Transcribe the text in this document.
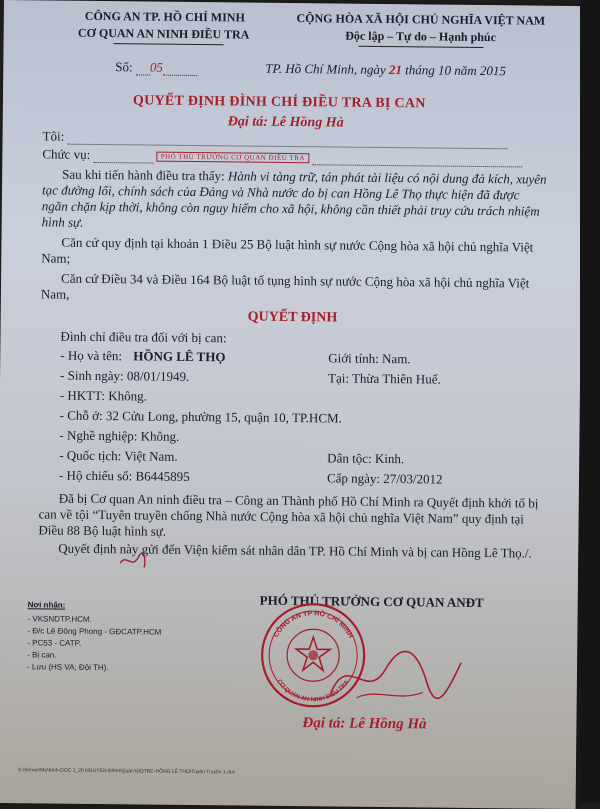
CÔNG AN TP. HỒ CHÍ MINH
CƠ QUAN AN NINH ĐIỀU TRA
CỘNG HÒA XÃ HỘI CHỦ NGHĨA VIỆT NAM
Độc lập – Tự do – Hạnh phúc
Số: 05	TP. Hồ Chí Minh, ngày 21 tháng 10 năm 2015
QUYẾT ĐỊNH ĐÌNH CHỈ ĐIỀU TRA BỊ CAN
Đại tá: Lê Hồng Hà
Tôi:
Chức vụ:	PHÓ THỦ TRƯỞNG CƠ QUAN ĐIỀU TRA
Sau khi tiến hành điều tra thấy: Hành vi tàng trữ, tán phát tài liệu có nội dung đả kích, xuyên tạc đường lối, chính sách của Đảng và Nhà nước do bị can Hồng Lê Thọ thực hiện đã được ngăn chặn kịp thời, không còn nguy hiểm cho xã hội, không cần thiết phải truy cứu trách nhiệm hình sự.
Căn cứ quy định tại khoản 1 Điều 25 Bộ luật hình sự nước Cộng hòa xã hội chủ nghĩa Việt Nam;
Căn cứ Điều 34 và Điều 164 Bộ luật tố tụng hình sự nước Cộng hòa xã hội chủ nghĩa Việt Nam,
QUYẾT ĐỊNH
Đình chỉ điều tra đối với bị can:
- Họ và tên: HỒNG LÊ THỌ	Giới tính: Nam.
- Sinh ngày: 08/01/1949.	Tại: Thừa Thiên Huế.
- HKTT: Không.
- Chỗ ở: 32 Cửu Long, phường 15, quận 10, TP.HCM.
- Nghề nghiệp: Không.
- Quốc tịch: Việt Nam.	Dân tộc: Kinh.
- Hộ chiếu số: B6445895	Cấp ngày: 27/03/2012
Đã bị Cơ quan An ninh điều tra – Công an Thành phố Hồ Chí Minh ra Quyết định khởi tố bị can về tội “Tuyên truyền chống Nhà nước Cộng hòa xã hội chủ nghĩa Việt Nam” quy định tại Điều 88 Bộ luật hình sự.
Quyết định này gửi đến Viện kiểm sát nhân dân TP. Hồ Chí Minh và bị can Hồng Lê Thọ./.
Nơi nhận:
- VKSNDTP.HCM.
- Đ/c Lê Đông Phong - GĐCATP.HCM
- PC53 - CATP.
- Bị can.
- Lưu (HS VA; Đội TH).
PHÓ THỦ TRƯỞNG CƠ QUAN ANĐT
CÔNG AN TP HỒ CHÍ MINH
CƠ QUAN AN NINH ĐIỀU TRA
Đại tá: Lê Hồng Hà
S:\Server\Me\Kinh-DOC 1_20 NGUYEN ĐINH\Quản lý\DTBC-HỒNG LÊ THỌ\Tuyên Truyền 1.doc
